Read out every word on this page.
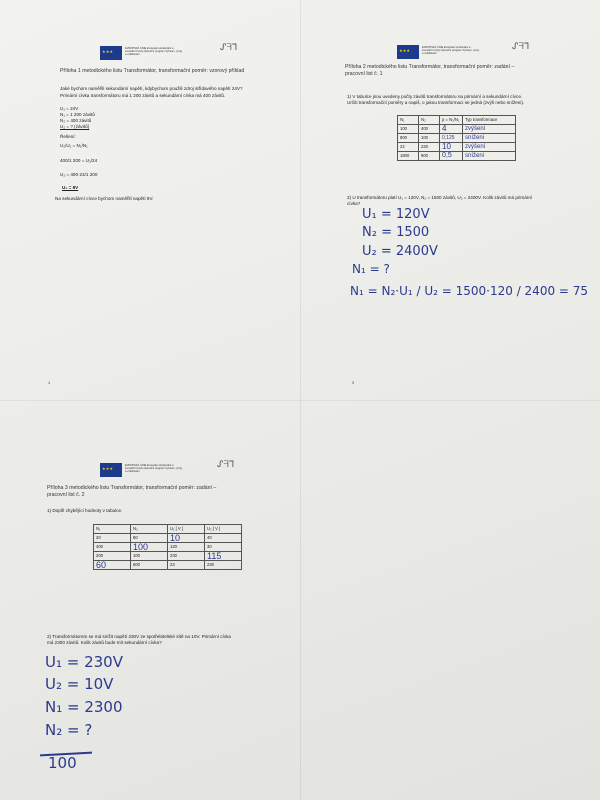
★ ★ ★
EVROPSKÁ UNIE Evropské strukturální a investiční fondy Operační program Výzkum, vývoj a vzdělávání
ᔑᖷᒣ
Příloha 1 metodického listu Transformátor, transformační poměr: vzorový příklad
Jaké bychom naměřili sekundární napětí, kdybychom použili zdroj střídavého napětí 24V?
Primární cívka transformátoru má 1 200 závitů a sekundární cívka má 400 závitů.
U₁ = 24V
N₁ = 1 200 závitů
N₂ = 400 závitů
U₂ = ? (závitů)
Řešení:
U₂/U₁ = N₂/N₁
400/1 200 = U₂/24
U₂ = 400·24/1 200
U₂ = 8V
Na sekundární cívce bychom naměřili napětí 8V.
4
★ ★ ★
EVROPSKÁ UNIE Evropské strukturální a investiční fondy Operační program Výzkum, vývoj a vzdělávání
ᔑᖷᒣ
Příloha 2 metodického listu Transformátor, transformační poměr: zadání –
pracovní list č. 1
1) V tabulce jsou uvedeny počty závitů transformátoru na primární a sekundární cívce.
Určiti transformační poměry a napiš, o jakou transformaci se jedná (zvýš nebo sníženi).
N₁	N₂	p = N₂/N₁	Typ transformace
100	400	4	zvýšení
800	100	0,125	sníženi
22	220	10	zvýšení
1800	900	0,5	sníženi
2) U transformátoru platí U₁ = 120V, N₂ = 1500 závitů, U₂ = 2400V. Kolik závitů má primární
cívka?
U₁ = 120V
N₂ = 1500
U₂ = 2400V
N₁ = ?
N₁ = N₂·U₁ / U₂ = 1500·120 / 2400 = 75
5
★ ★ ★
EVROPSKÁ UNIE Evropské strukturální a investiční fondy Operační program Výzkum, vývoj a vzdělávání
ᔑᖷᒣ
Příloha 3 metodického listu Transformátor, transformační poměr: zadání –
pracovní list č. 2
1) Doplň chybějící hodnoty v tabulce.
N₁	N₂	U₁ [ V ]	U₂ [ V ]
20	80	10	40
400	100	120	30
200	100	230	115
60	600	23	230
2) Transformátorem se má snížit napětí 230V ze spotřebitelské sítě na 10V. Primární cívka
má 2300 závitů. Kolik závitů bude mít sekundární cívka?
U₁ = 230V
U₂ = 10V
N₁ = 2300
N₂ = ?
100
